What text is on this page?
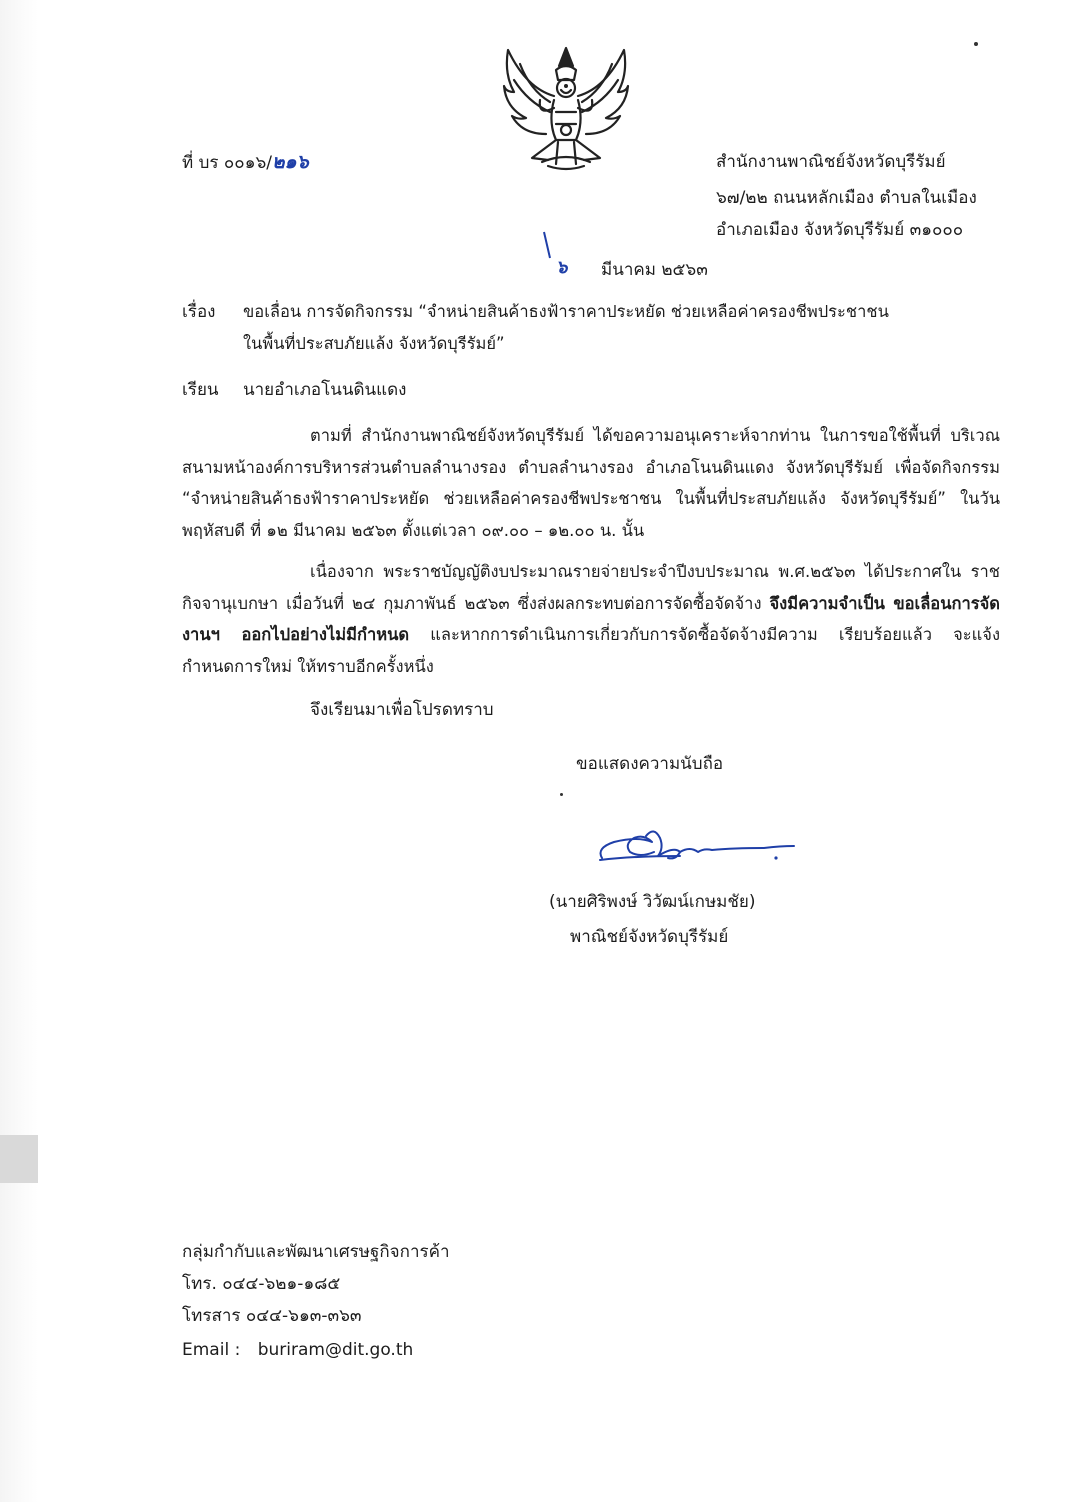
ที่ บร ๐๐๑๖/๒๑๖	สำนักงานพาณิชย์จังหวัดบุรีรัมย์
๖๗/๒๒ ถนนหลักเมือง ตำบลในเมือง
อำเภอเมือง จังหวัดบุรีรัมย์ ๓๑๐๐๐
๖ มีนาคม ๒๕๖๓
เรื่อง ขอเลื่อน การจัดกิจกรรม “จำหน่ายสินค้าธงฟ้าราคาประหยัด ช่วยเหลือค่าครองชีพประชาชน
ในพื้นที่ประสบภัยแล้ง จังหวัดบุรีรัมย์”
เรียน นายอำเภอโนนดินแดง

ตามที่ สำนักงานพาณิชย์จังหวัดบุรีรัมย์ ได้ขอความอนุเคราะห์จากท่าน ในการขอใช้พื้นที่ บริเวณ สนามหน้าองค์การบริหารส่วนตำบลลำนางรอง ตำบลลำนางรอง อำเภอโนนดินแดง จังหวัดบุรีรัมย์ เพื่อจัดกิจกรรม “จำหน่ายสินค้าธงฟ้าราคาประหยัด ช่วยเหลือค่าครองชีพประชาชน ในพื้นที่ประสบภัยแล้ง จังหวัดบุรีรัมย์” ในวันพฤหัสบดี ที่ ๑๒ มีนาคม ๒๕๖๓ ตั้งแต่เวลา ๐๙.๐๐ – ๑๒.๐๐ น. นั้น

เนื่องจาก พระราชบัญญัติงบประมาณรายจ่ายประจำปีงบประมาณ พ.ศ.๒๕๖๓ ได้ประกาศใน ราชกิจจานุเบกษา เมื่อวันที่ ๒๔ กุมภาพันธ์ ๒๕๖๓ ซึ่งส่งผลกระทบต่อการจัดซื้อจัดจ้าง จึงมีความจำเป็น ขอเลื่อนการจัดงานฯ ออกไปอย่างไม่มีกำหนด และหากการดำเนินการเกี่ยวกับการจัดซื้อจัดจ้างมีความ เรียบร้อยแล้ว จะแจ้งกำหนดการใหม่ ให้ทราบอีกครั้งหนึ่ง

จึงเรียนมาเพื่อโปรดทราบ
ขอแสดงความนับถือ
(นายศิริพงษ์ วิวัฒน์เกษมชัย)
พาณิชย์จังหวัดบุรีรัมย์
กลุ่มกำกับและพัฒนาเศรษฐกิจการค้า
โทร. ๐๔๔-๖๒๑-๑๘๕
โทรสาร ๐๔๔-๖๑๓-๓๖๓
Email : buriram@dit.go.th
